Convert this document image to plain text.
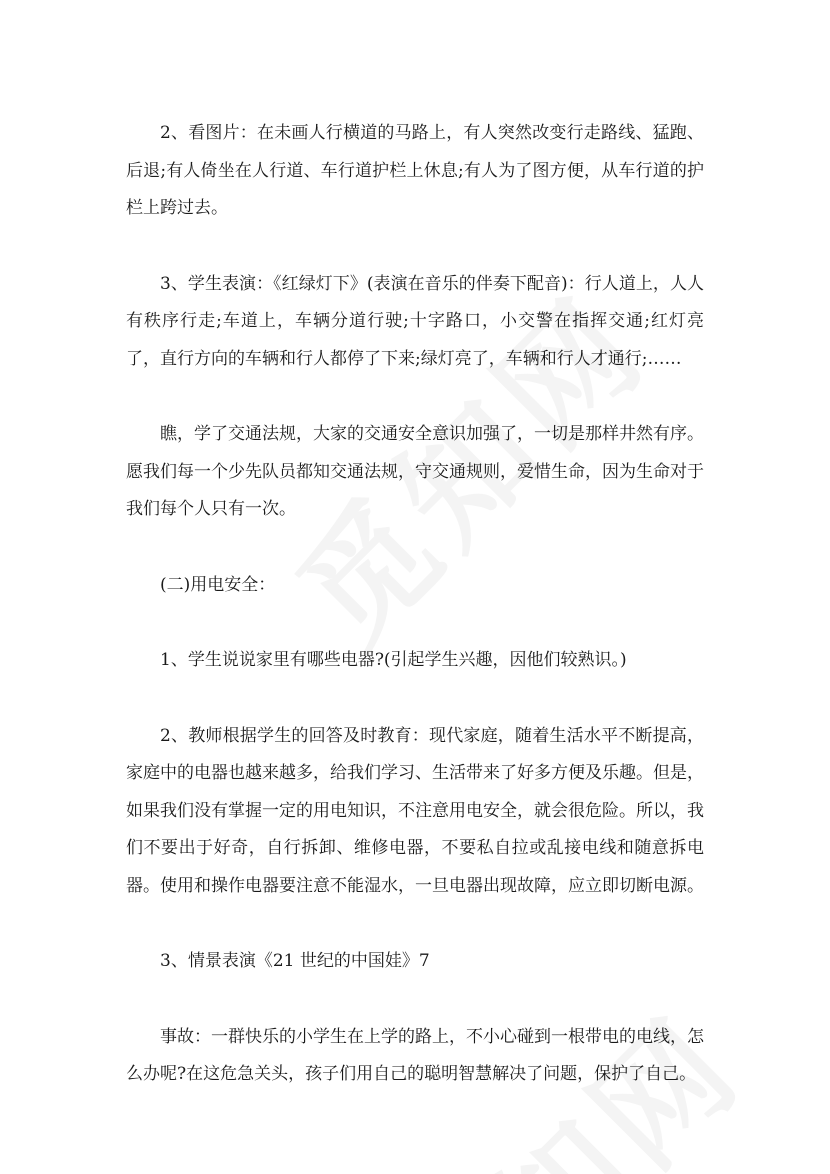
2、看图片：在未画人行横道的马路上，有人突然改变行走路线、猛跑、后退;有人倚坐在人行道、车行道护栏上休息;有人为了图方便，从车行道的护栏上跨过去。

3、学生表演：《红绿灯下》(表演在音乐的伴奏下配音)：行人道上，人人有秩序行走;车道上，车辆分道行驶;十字路口，小交警在指挥交通;红灯亮了，直行方向的车辆和行人都停了下来;绿灯亮了，车辆和行人才通行;……

瞧，学了交通法规，大家的交通安全意识加强了，一切是那样井然有序。愿我们每一个少先队员都知交通法规，守交通规则，爱惜生命，因为生命对于我们每个人只有一次。

(二)用电安全：

1、学生说说家里有哪些电器?(引起学生兴趣，因他们较熟识。)

2、教师根据学生的回答及时教育：现代家庭，随着生活水平不断提高，家庭中的电器也越来越多，给我们学习、生活带来了好多方便及乐趣。但是，如果我们没有掌握一定的用电知识，不注意用电安全，就会很危险。所以，我们不要出于好奇，自行拆卸、维修电器，不要私自拉或乱接电线和随意拆电器。使用和操作电器要注意不能湿水，一旦电器出现故障，应立即切断电源。

3、情景表演《21 世纪的中国娃》7

事故：一群快乐的小学生在上学的路上，不小心碰到一根带电的电线，怎么办呢?在这危急关头，孩子们用自己的聪明智慧解决了问题，保护了自己。
